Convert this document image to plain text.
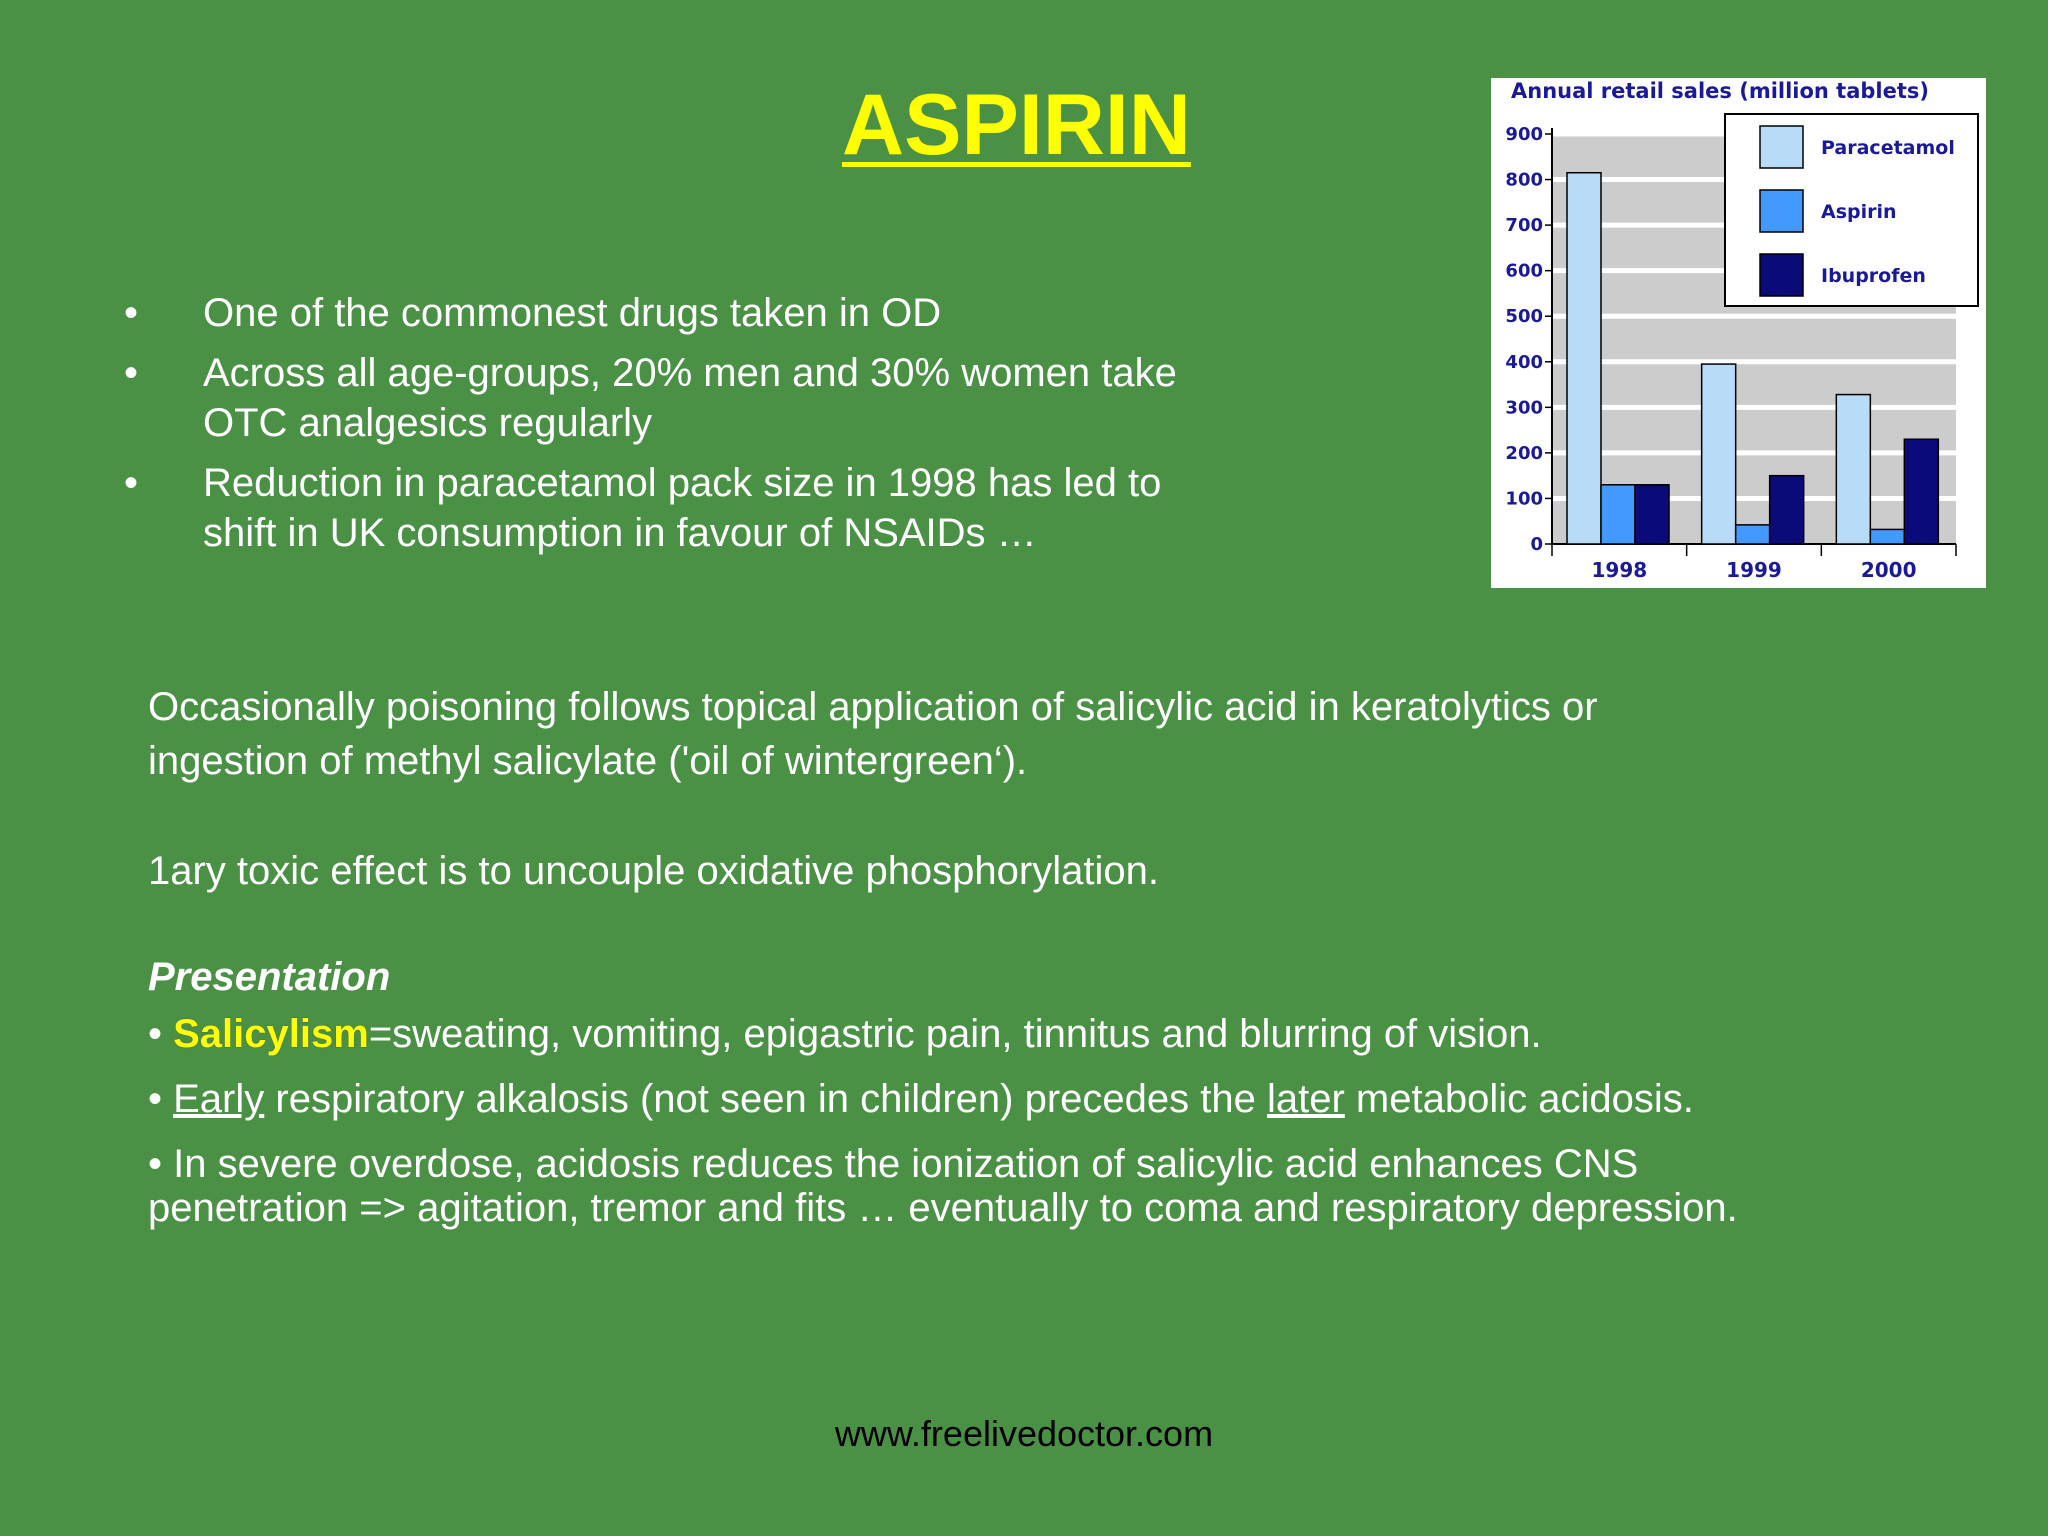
ASPIRIN
• One of the commonest drugs taken in OD
• Across all age-groups, 20% men and 30% women take
OTC analgesics regularly
• Reduction in paracetamol pack size in 1998 has led to
shift in UK consumption in favour of NSAIDs …
Occasionally poisoning follows topical application of salicylic acid in keratolytics or
ingestion of methyl salicylate ('oil of wintergreen‘).
1ary toxic effect is to uncouple oxidative phosphorylation.
Presentation
• Salicylism=sweating, vomiting, epigastric pain, tinnitus and blurring of vision.
• Early respiratory alkalosis (not seen in children) precedes the later metabolic acidosis.
• In severe overdose, acidosis reduces the ionization of salicylic acid enhances CNS
penetration => agitation, tremor and fits … eventually to coma and respiratory depression.
www.freelivedoctor.com
0
100
200
300
400
500
600
700
800
900
1998	1999	2000
Annual retail sales (million tablets)
Paracetamol
Aspirin
Ibuprofen
